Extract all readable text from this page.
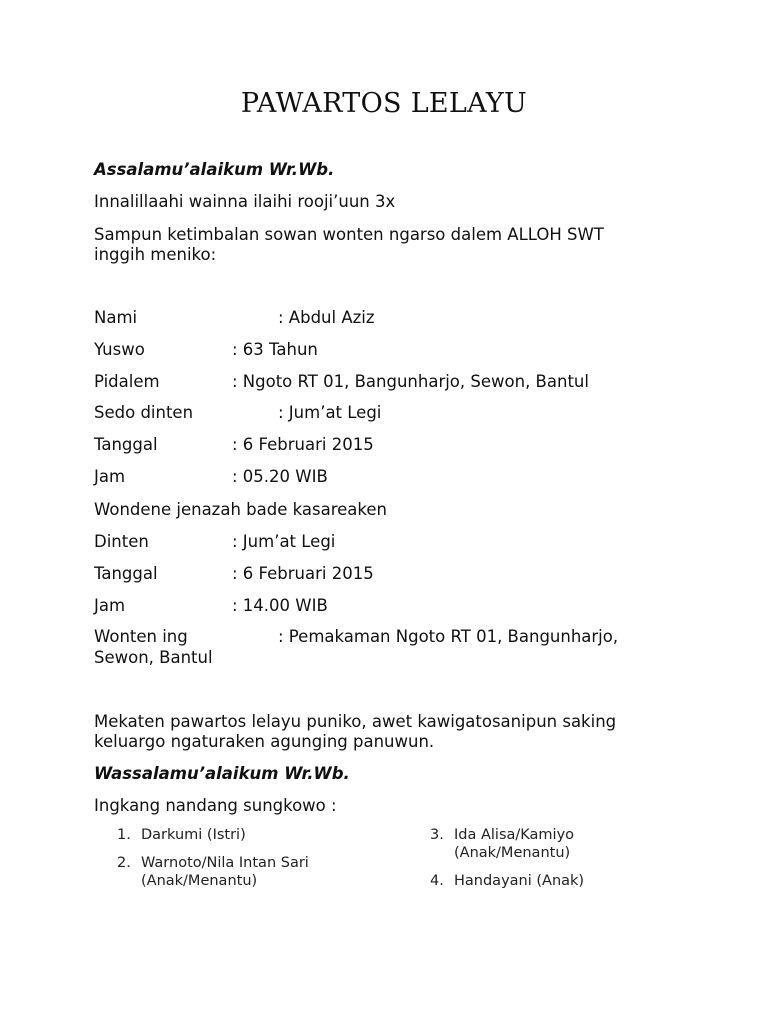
PAWARTOS LELAYU
Assalamu’alaikum Wr.Wb.
Innalillaahi wainna ilaihi rooji’uun 3x
Sampun ketimbalan sowan wonten ngarso dalem ALLOH SWT
inggih meniko:
Nami	: Abdul Aziz
Yuswo	: 63 Tahun
Pidalem	: Ngoto RT 01, Bangunharjo, Sewon, Bantul
Sedo dinten	: Jum’at Legi
Tanggal	: 6 Februari 2015
Jam	: 05.20 WIB
Wondene jenazah bade kasareaken
Dinten	: Jum’at Legi
Tanggal	: 6 Februari 2015
Jam	: 14.00 WIB
Wonten ing	: Pemakaman Ngoto RT 01, Bangunharjo,
Sewon, Bantul
Mekaten pawartos lelayu puniko, awet kawigatosanipun saking
keluargo ngaturaken agunging panuwun.
Wassalamu’alaikum Wr.Wb.
Ingkang nandang sungkowo :
1. Darkumi (Istri)
2. Warnoto/Nila Intan Sari
(Anak/Menantu)
3. Ida Alisa/Kamiyo
(Anak/Menantu)
4. Handayani (Anak)
